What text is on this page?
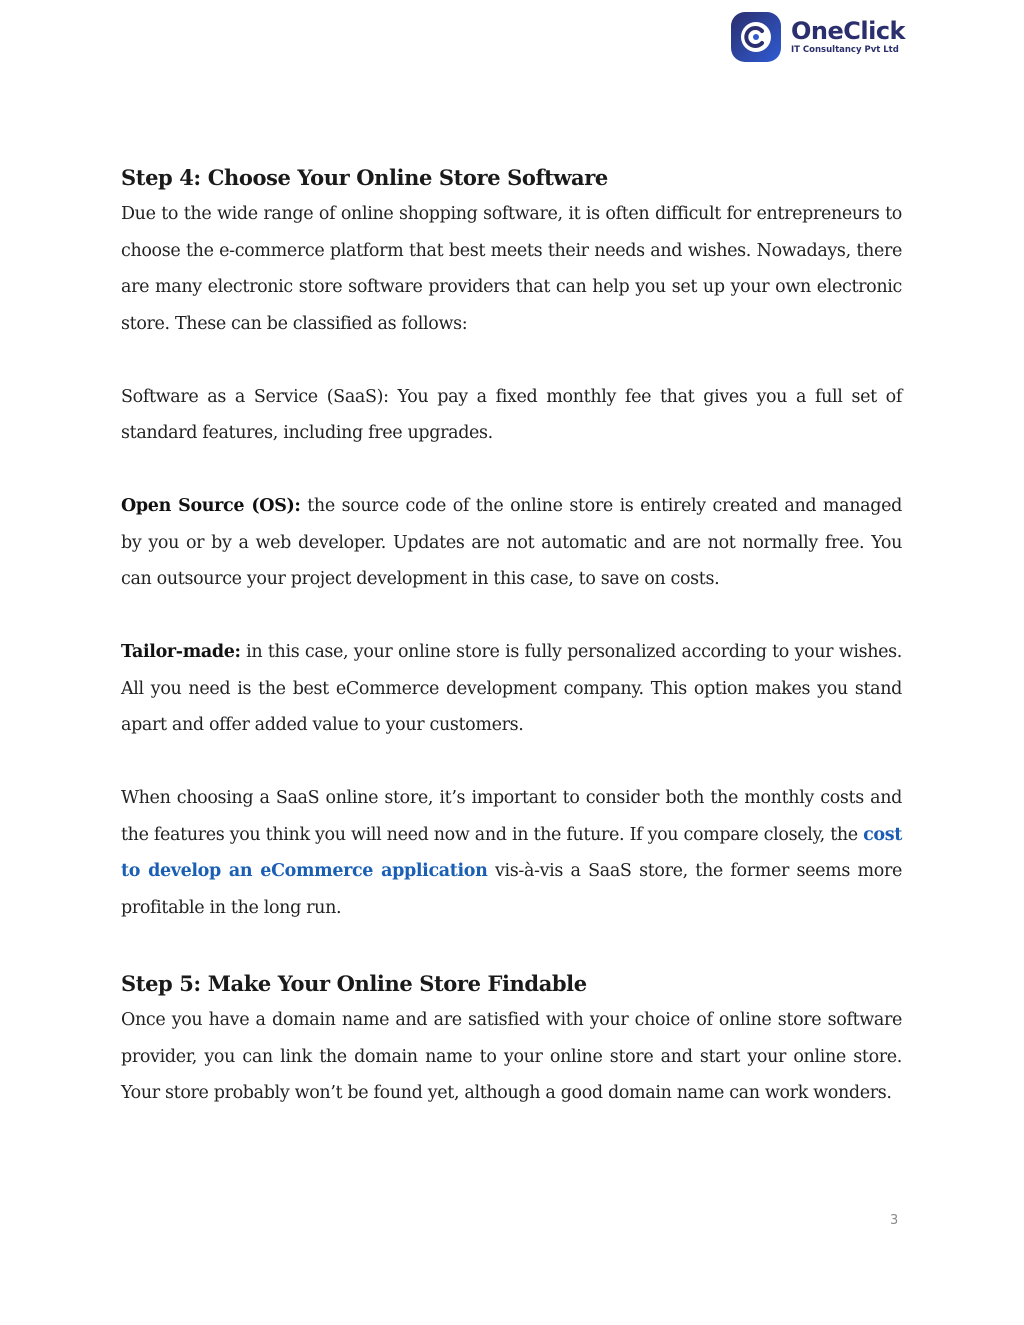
OneClick
IT Consultancy Pvt Ltd
Step 4: Choose Your Online Store Software

Due to the wide range of online shopping software, it is often difficult for entrepreneurs to choose the e-commerce platform that best meets their needs and wishes. Nowadays, there are many electronic store software providers that can help you set up your own electronic store. These can be classified as follows:

Software as a Service (SaaS): You pay a fixed monthly fee that gives you a full set of standard features, including free upgrades.

Open Source (OS): the source code of the online store is entirely created and managed by you or by a web developer. Updates are not automatic and are not normally free. You can outsource your project development in this case, to save on costs.

Tailor-made: in this case, your online store is fully personalized according to your wishes. All you need is the best eCommerce development company. This option makes you stand apart and offer added value to your customers.

When choosing a SaaS online store, it’s important to consider both the monthly costs and the features you think you will need now and in the future. If you compare closely, the cost to develop an eCommerce application vis-à-vis a SaaS store, the former seems more profitable in the long run.

Step 5: Make Your Online Store Findable

Once you have a domain name and are satisfied with your choice of online store software provider, you can link the domain name to your online store and start your online store. Your store probably won’t be found yet, although a good domain name can work wonders.

3
